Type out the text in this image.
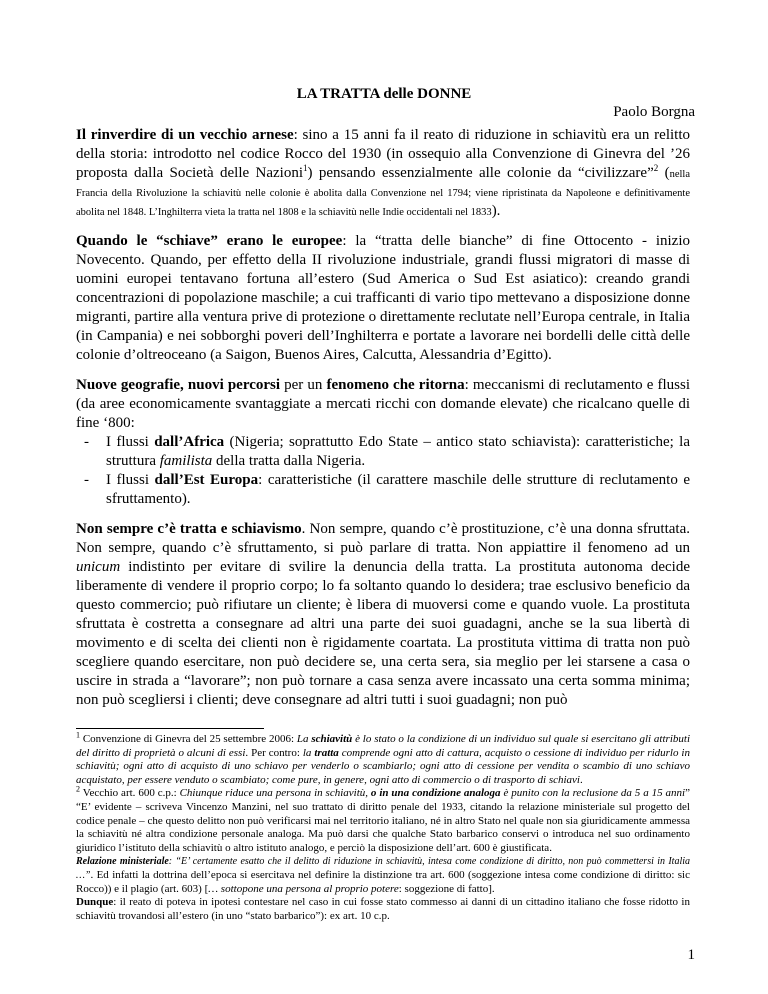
LA TRATTA delle DONNE
Paolo Borgna

Il rinverdire di un vecchio arnese: sino a 15 anni fa il reato di riduzione in schiavitù era un relitto della storia: introdotto nel codice Rocco del 1930 (in ossequio alla Convenzione di Ginevra del ’26 proposta dalla Società delle Nazioni$^1$) pensando essenzialmente alle colonie da “civilizzare”$^2$ (nella Francia della Rivoluzione la schiavitù nelle colonie è abolita dalla Convenzione nel 1794; viene ripristinata da Napoleone e definitivamente abolita nel 1848. L’Inghilterra vieta la tratta nel 1808 e la schiavitù nelle Indie occidentali nel 1833).

Quando le “schiave” erano le europee: la “tratta delle bianche” di fine Ottocento - inizio Novecento. Quando, per effetto della II rivoluzione industriale, grandi flussi migratori di masse di uomini europei tentavano fortuna all’estero (Sud America o Sud Est asiatico): creando grandi concentrazioni di popolazione maschile; a cui trafficanti di vario tipo mettevano a disposizione donne migranti, partire alla ventura prive di protezione o direttamente reclutate nell’Europa centrale, in Italia (in Campania) e nei sobborghi poveri dell’Inghilterra e portate a lavorare nei bordelli delle città delle colonie d’oltreoceano (a Saigon, Buenos Aires, Calcutta, Alessandria d’Egitto).

Nuove geografie, nuovi percorsi per un fenomeno che ritorna: meccanismi di reclutamento e flussi (da aree economicamente svantaggiate a mercati ricchi con domande elevate) che ricalcano quelle di fine ‘800:

- I flussi dall’Africa (Nigeria; soprattutto Edo State – antico stato schiavista): caratteristiche; la struttura familista della tratta dalla Nigeria.
- I flussi dall’Est Europa: caratteristiche (il carattere maschile delle strutture di reclutamento e sfruttamento).

Non sempre c’è tratta e schiavismo. Non sempre, quando c’è prostituzione, c’è una donna sfruttata. Non sempre, quando c’è sfruttamento, si può parlare di tratta. Non appiattire il fenomeno ad un unicum indistinto per evitare di svilire la denuncia della tratta. La prostituta autonoma decide liberamente di vendere il proprio corpo; lo fa soltanto quando lo desidera; trae esclusivo beneficio da questo commercio; può rifiutare un cliente; è libera di muoversi come e quando vuole. La prostituta sfruttata è costretta a consegnare ad altri una parte dei suoi guadagni, anche se la sua libertà di movimento e di scelta dei clienti non è rigidamente coartata. La prostituta vittima di tratta non può scegliere quando esercitare, non può decidere se, una certa sera, sia meglio per lei starsene a casa o uscire in strada a “lavorare”; non può tornare a casa senza avere incassato una certa somma minima; non può scegliersi i clienti; deve consegnare ad altri tutti i suoi guadagni; non può

$^1$ Convenzione di Ginevra del 25 settembre 2006: La schiavitù è lo stato o la condizione di un individuo sul quale si esercitano gli attributi del diritto di proprietà o alcuni di essi. Per contro: la tratta comprende ogni atto di cattura, acquisto o cessione di individuo per ridurlo in schiavitù; ogni atto di acquisto di uno schiavo per venderlo o scambiarlo; ogni atto di cessione per vendita o scambio di uno schiavo acquistato, per essere venduto o scambiato; come pure, in genere, ogni atto di commercio o di trasporto di schiavi.

$^2$ Vecchio art. 600 c.p.: Chiunque riduce una persona in schiavitù, o in una condizione analoga è punito con la reclusione da 5 a 15 anni” “E’ evidente – scriveva Vincenzo Manzini, nel suo trattato di diritto penale del 1933, citando la relazione ministeriale sul progetto del codice penale – che questo delitto non può verificarsi mai nel territorio italiano, né in altro Stato nel quale non sia giuridicamente ammessa la schiavitù né altra condizione personale analoga. Ma può darsi che qualche Stato barbarico conservi o introduca nel suo ordinamento giuridico l’istituto della schiavitù o altro istituto analogo, e perciò la disposizione dell’art. 600 è giustificata.

Relazione ministeriale: “E’ certamente esatto che il delitto di riduzione in schiavitù, intesa come condizione di diritto, non può commettersi in Italia …”. Ed infatti la dottrina dell’epoca si esercitava nel definire la distinzione tra art. 600 (soggezione intesa come condizione di diritto: sic Rocco)) e il plagio (art. 603) [… sottopone una persona al proprio potere: soggezione di fatto].

Dunque: il reato di poteva in ipotesi contestare nel caso in cui fosse stato commesso ai danni di un cittadino italiano che fosse ridotto in schiavitù trovandosi all’estero (in uno “stato barbarico”): ex art. 10 c.p.

1
